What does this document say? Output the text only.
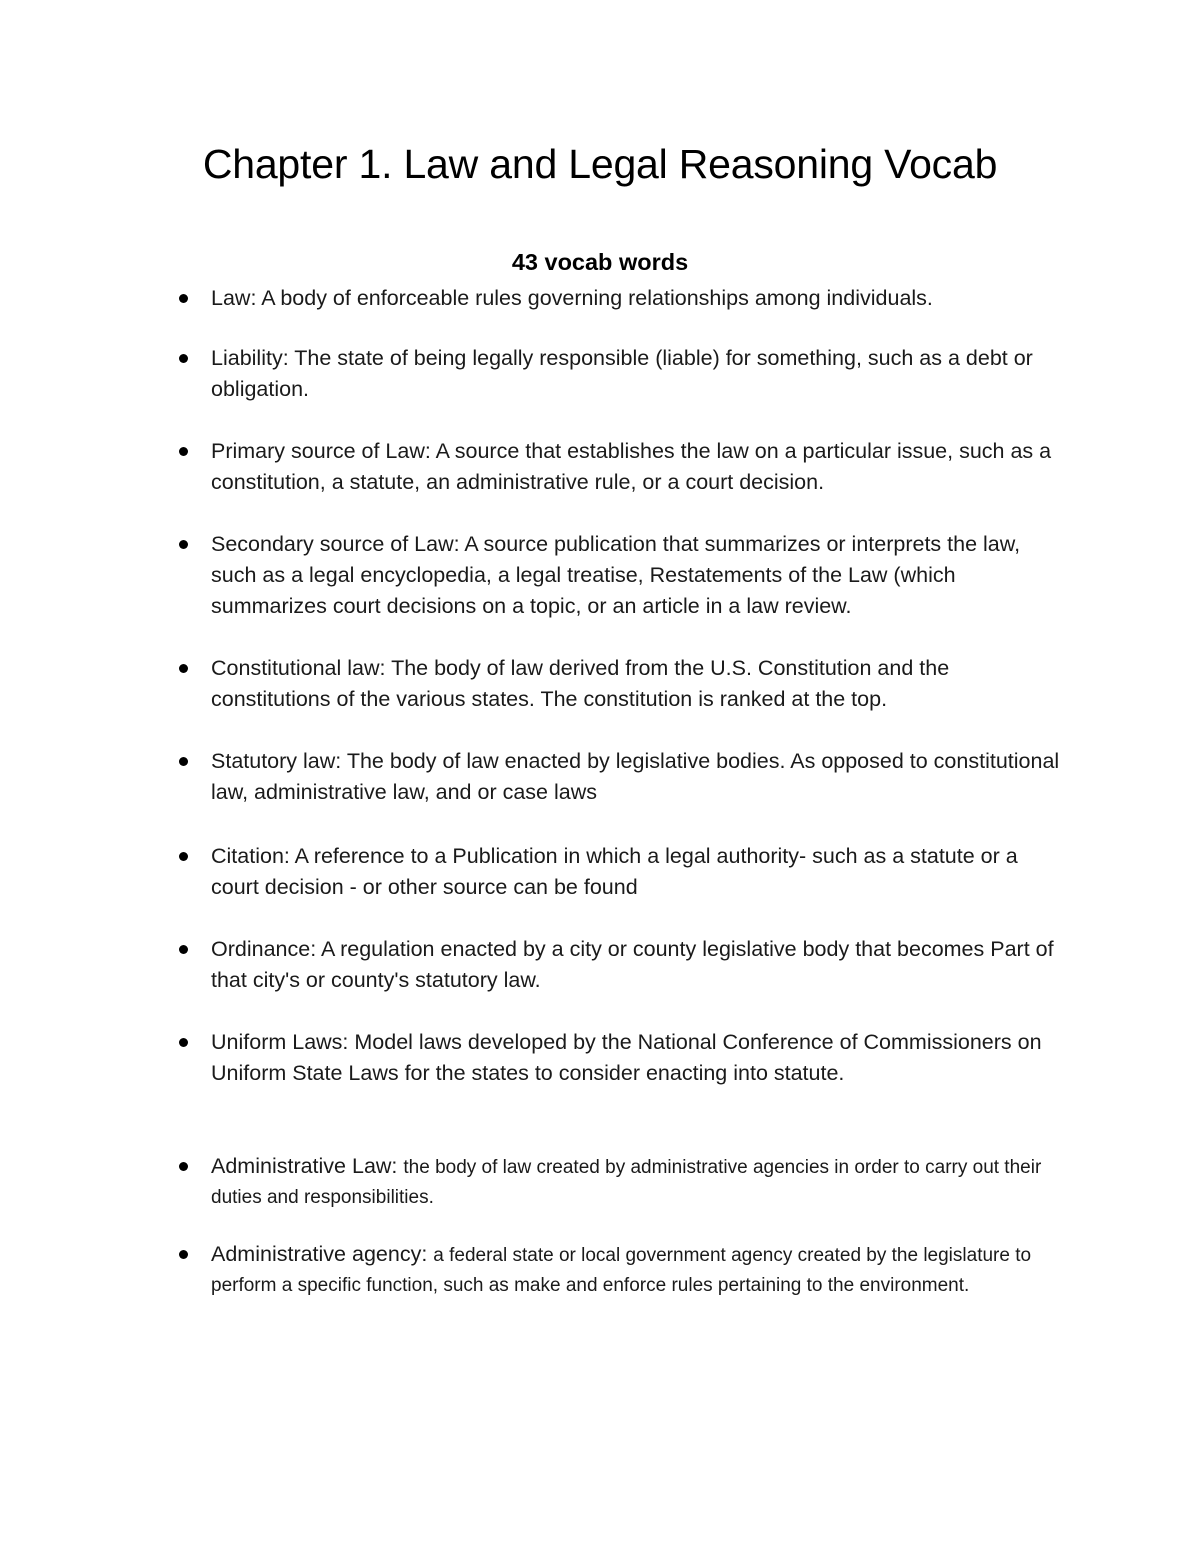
Chapter 1. Law and Legal Reasoning Vocab
43 vocab words
Law: A body of enforceable rules governing relationships among individuals.
Liability: The state of being legally responsible (liable) for something, such as a debt or obligation.
Primary source of Law: A source that establishes the law on a particular issue, such as a constitution, a statute, an administrative rule, or a court decision.
Secondary source of Law: A source publication that summarizes or interprets the law, such as a legal encyclopedia, a legal treatise, Restatements of the Law (which summarizes court decisions on a topic, or an article in a law review.
Constitutional law: The body of law derived from the U.S. Constitution and the constitutions of the various states. The constitution is ranked at the top.
Statutory law: The body of law enacted by legislative bodies. As opposed to constitutional law, administrative law, and or case laws
Citation: A reference to a Publication in which a legal authority- such as a statute or a court decision - or other source can be found
Ordinance: A regulation enacted by a city or county legislative body that becomes Part of that city's or county's statutory law.
Uniform Laws: Model laws developed by the National Conference of Commissioners on Uniform State Laws for the states to consider enacting into statute.
Administrative Law: the body of law created by administrative agencies in order to carry out their duties and responsibilities.
Administrative agency: a federal state or local government agency created by the legislature to perform a specific function, such as make and enforce rules pertaining to the environment.
